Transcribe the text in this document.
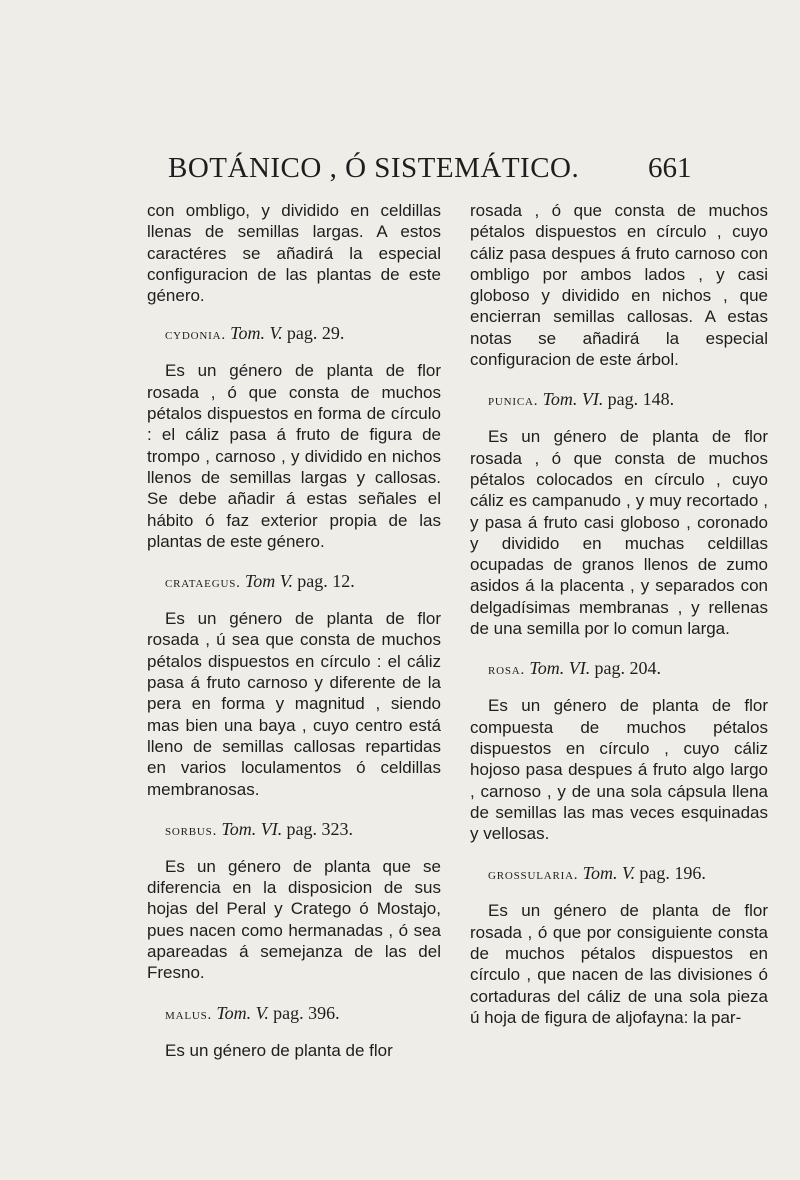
BOTÁNICO , Ó SISTEMÁTICO. 661

con ombligo, y dividido en celdillas llenas de semillas largas. A estos caractéres se añadirá la especial configuracion de las plantas de este género.

cydonia. Tom. V. pag. 29.

Es un género de planta de flor rosada , ó que consta de muchos pétalos dispuestos en forma de círculo : el cáliz pasa á fruto de figura de trompo , carnoso , y dividido en nichos llenos de semillas largas y callosas. Se debe añadir á estas señales el hábito ó faz exterior propia de las plantas de este género.

crataegus. Tom V. pag. 12.

Es un género de planta de flor rosada , ú sea que consta de muchos pétalos dispuestos en círculo : el cáliz pasa á fruto carnoso y diferente de la pera en forma y magnitud , siendo mas bien una baya , cuyo centro está lleno de semillas callosas repartidas en varios loculamentos ó celdillas membranosas.

sorbus. Tom. VI. pag. 323.

Es un género de planta que se diferencia en la disposicion de sus hojas del Peral y Cratego ó Mostajo, pues nacen como hermanadas , ó sea apareadas á semejanza de las del Fresno.

malus. Tom. V. pag. 396.

Es un género de planta de flor

rosada , ó que consta de muchos pétalos dispuestos en círculo , cuyo cáliz pasa despues á fruto carnoso con ombligo por ambos lados , y casi globoso y dividido en nichos , que encierran semillas callosas. A estas notas se añadirá la especial configuracion de este árbol.

punica. Tom. VI. pag. 148.

Es un género de planta de flor rosada , ó que consta de muchos pétalos colocados en círculo , cuyo cáliz es campanudo , y muy recortado , y pasa á fruto casi globoso , coronado y dividido en muchas celdillas ocupadas de granos llenos de zumo asidos á la placenta , y separados con delgadísimas membranas , y rellenas de una semilla por lo comun larga.

rosa. Tom. VI. pag. 204.

Es un género de planta de flor compuesta de muchos pétalos dispuestos en círculo , cuyo cáliz hojoso pasa despues á fruto algo largo , carnoso , y de una sola cápsula llena de semillas las mas veces esquinadas y vellosas.

grossularia. Tom. V. pag. 196.

Es un género de planta de flor rosada , ó que por consiguiente consta de muchos pétalos dispuestos en círculo , que nacen de las divisiones ó cortaduras del cáliz de una sola pieza ú hoja de figura de aljofayna: la par-
